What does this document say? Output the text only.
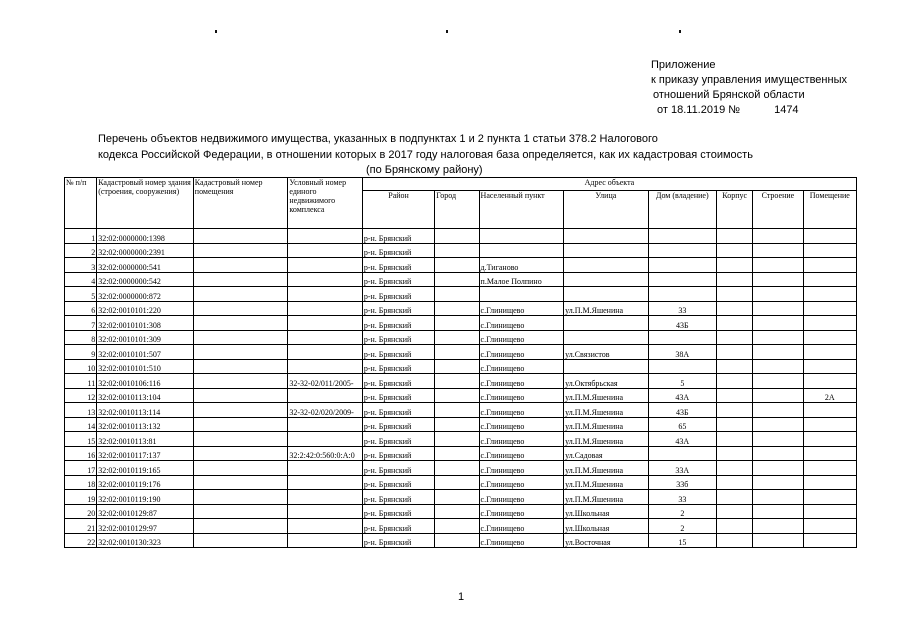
Приложение
к приказу управления имущественных
отношений Брянской области
от 18.11.2019 №	1474
Перечень объектов недвижимого имущества, указанных в подпунктах 1 и 2 пункта 1 статьи 378.2 Налогового
кодекса Российской Федерации, в отношении которых в 2017 году налоговая база определяется, как их кадастровая стоимость
(по Брянскому району)
№ п/п	Кадастровый номер здания (строения, сооружения)	Кадастровый номер помещения	Условный номер единого недвижимого комплекса	Адрес объекта							
				Район	Город	Населенный пункт	Улица	Дом (владение)	Корпус	Строение	Помещение
1	32:02:0000000:1398			р-н. Брянский							
2	32:02:0000000:2391			р-н. Брянский							
3	32:02:0000000:541			р-н. Брянский		д.Тиганово					
4	32:02:0000000:542			р-н. Брянский		п.Малое Полпино					
5	32:02:0000000:872			р-н. Брянский							
6	32:02:0010101:220			р-н. Брянский		с.Глинищево	ул.П.М.Яшенина	33			
7	32:02:0010101:308			р-н. Брянский		с.Глинищево		43Б			
8	32:02:0010101:309			р-н. Брянский		с.Глинищево					
9	32:02:0010101:507			р-н. Брянский		с.Глинищево	ул.Связистов	38А			
10	32:02:0010101:510			р-н. Брянский		с.Глинищево					
11	32:02:0010106:116		32-32-02/011/2005-	р-н. Брянский		с.Глинищево	ул.Октябрьская	5			
12	32:02:0010113:104			р-н. Брянский		с.Глинищево	ул.П.М.Яшенина	43А			2А
13	32:02:0010113:114		32-32-02/020/2009-	р-н. Брянский		с.Глинищево	ул.П.М.Яшенина	43Б			
14	32:02:0010113:132			р-н. Брянский		с.Глинищево	ул.П.М.Яшенина	65			
15	32:02:0010113:81			р-н. Брянский		с.Глинищево	ул.П.М.Яшенина	43А			
16	32:02:0010117:137		32:2:42:0:560:0:А:0	р-н. Брянский		с.Глинищево	ул.Садовая				
17	32:02:0010119:165			р-н. Брянский		с.Глинищево	ул.П.М.Яшенина	33А			
18	32:02:0010119:176			р-н. Брянский		с.Глинищево	ул.П.М.Яшенина	33б			
19	32:02:0010119:190			р-н. Брянский		с.Глинищево	ул.П.М.Яшенина	33			
20	32:02:0010129:87			р-н. Брянский		с.Глинищево	ул.Школьная	2			
21	32:02:0010129:97			р-н. Брянский		с.Глинищево	ул.Школьная	2			
22	32:02:0010130:323			р-н. Брянский		с.Глинищево	ул.Восточная	15			
1
